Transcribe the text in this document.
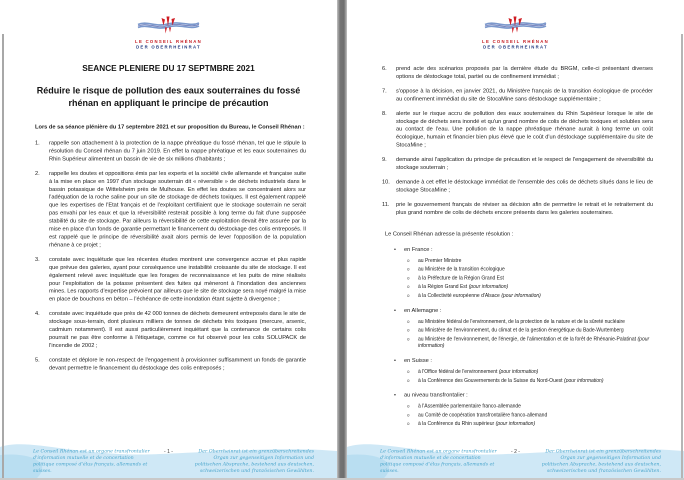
LE CONSEIL RHÉNAN
DER OBERRHEINRAT
SEANCE PLENIERE DU 17 SEPTMBRE 2021
Réduire le risque de pollution des eaux souterraines du fossé rhénan en appliquant le principe de précaution
Lors de sa séance plénière du 17 septembre 2021 et sur proposition du Bureau, le Conseil Rhénan :
1. rappelle son attachement à la protection de la nappe phréatique du fossé rhénan, tel que le stipule la résolution du Conseil rhénan du 7 juin 2019. En effet la nappe phréatique et les eaux souterraines du Rhin Supérieur alimentent un bassin de vie de six millions d'habitants ;
2. rappelle les doutes et oppositions émis par les experts et la société civile allemande et française suite à la mise en place en 1997 d'un stockage souterrain dit « réversible » de déchets industriels dans le bassin potassique de Wittelsheim près de Mulhouse. En effet les doutes se concentraient alors sur l'adéquation de la roche saline pour un site de stockage de déchets toxiques. Il est également rappelé que les expertises de l'Etat français et de l'exploitant certifiaient que le stockage souterrain ne serait pas envahi par les eaux et que la réversibilité resterait possible à long terme du fait d'une supposée stabilité du site de stockage. Par ailleurs la réversibilité de cette exploitation devait être assurée par la mise en place d'un fonds de garantie permettant le financement du déstockage des colis entreposés. Il est rappelé que le principe de réversibilité avait alors permis de lever l'opposition de la population rhénane à ce projet ;
3. constate avec inquiétude que les récentes études montrent une convergence accrue et plus rapide que prévue des galeries, ayant pour conséquence une instabilité croissante du site de stockage. Il est également relevé avec inquiétude que les forages de reconnaissance et les puits de mine réalisés pour l'exploitation de la potasse présentent des fuites qui mèneront à l'inondation des anciennes mines. Les rapports d'expertise prévoient par ailleurs que le site de stockage sera noyé malgré la mise en place de bouchons en béton – l'échéance de cette inondation étant sujette à divergence ;
4. constate avec inquiétude que près de 42 000 tonnes de déchets demeurent entreposés dans le site de stockage sous-terrain, dont plusieurs milliers de tonnes de déchets très toxiques (mercure, arsenic, cadmium notamment). Il est aussi particulièrement inquiétant que la contenance de certains colis pourrait ne pas être conforme à l'étiquetage, comme ce fut observé pour les colis SOLUPACK de l'incendie de 2002 ;
5. constate et déplore le non-respect de l'engagement à provisionner suffisamment un fonds de garantie devant permettre le financement du déstockage des colis entreposés ;
- 1 -
Le Conseil Rhénan est un organe transfrontalier d'information mutuelle et de concertation politique composé d'élus français, allemands et suisses.
Der Oberrheinrat ist ein grenzüberschreitendes Organ zur gegenseitigen Information und politischen Absprache, bestehend aus deutschen, schweizerischen und französischen Gewählten.
LE CONSEIL RHÉNAN
DER OBERRHEINRAT
6. prend acte des scénarios proposés par la dernière étude du BRGM, celle-ci présentant diverses options de déstockage total, partiel ou de confinement immédiat ;
7. s'oppose à la décision, en janvier 2021, du Ministère français de la transition écologique de procéder au confinement immédiat du site de StocaMine sans déstockage supplémentaire ;
8. alerte sur le risque accru de pollution des eaux souterraines du Rhin Supérieur lorsque le site de stockage de déchets sera inondé et qu'un grand nombre de colis de déchets toxiques et solubles sera au contact de l'eau. Une pollution de la nappe phréatique rhénane aurait à long terme un coût écologique, humain et financier bien plus élevé que le coût d'un déstockage supplémentaire du site de StocaMine ;
9. demande ainsi l'application du principe de précaution et le respect de l'engagement de réversibilité du stockage souterrain ;
10. demande à cet effet le déstockage immédiat de l'ensemble des colis de déchets situés dans le lieu de stockage StocaMine ;
11. prie le gouvernement français de réviser sa décision afin de permettre le retrait et le retraitement du plus grand nombre de colis de déchets encore présents dans les galeries souterraines.
Le Conseil Rhénan adresse la présente résolution :
• en France :
o au Premier Ministre
o au Ministère de la transition écologique
o à la Préfecture de la Région Grand Est
o à la Région Grand Est (pour information)
o à la Collectivité européenne d'Alsace (pour information)
• en Allemagne :
o au Ministère fédéral de l'environnement, de la protection de la nature et de la sûreté nucléaire
o au Ministère de l'environnement, du climat et de la gestion énergétique du Bade-Wurtemberg
o au Ministère de l'environnement, de l'énergie, de l'alimentation et de la forêt de Rhénanie-Palatinat (pour information)
• en Suisse :
o à l'Office fédéral de l'environnement (pour information)
o à la Conférence des Gouvernements de la Suisse du Nord-Ouest (pour information)
• au niveau transfrontalier :
o à l'Assemblée parlementaire franco-allemande
o au Comité de coopération transfrontalière franco-allemand
o à la Conférence du Rhin supérieur (pour information)
- 2 -
Le Conseil Rhénan est un organe transfrontalier d'information mutuelle et de concertation politique composé d'élus français, allemands et suisses.
Der Oberrheinrat ist ein grenzüberschreitendes Organ zur gegenseitigen Information und politischen Absprache, bestehend aus deutschen, schweizerischen und französischen Gewählten.
